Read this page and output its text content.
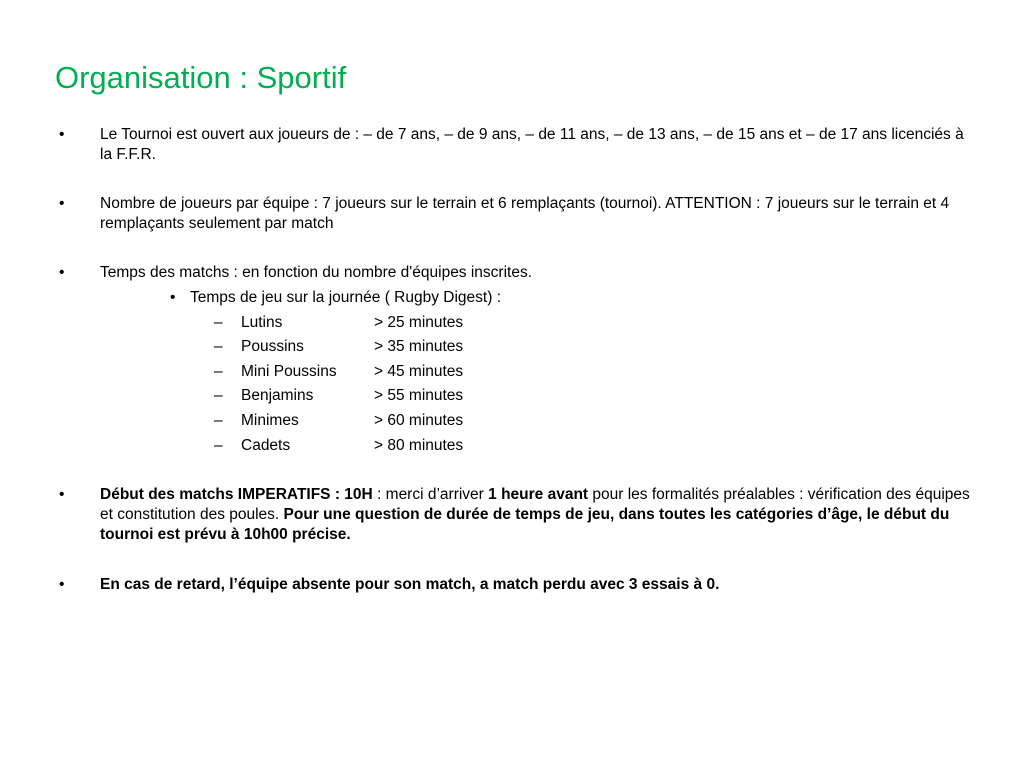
Organisation : Sportif
•	Le Tournoi est ouvert aux joueurs de : – de 7 ans, – de 9 ans, – de 11 ans, – de 13 ans, – de 15 ans et – de 17 ans licenciés à la F.F.R.
•	Nombre de joueurs par équipe : 7 joueurs sur le terrain et 6 remplaçants (tournoi). ATTENTION : 7 joueurs sur le terrain et 4 remplaçants seulement par match
•	Temps des matchs : en fonction du nombre d'équipes inscrites.
• Temps de jeu sur la journée ( Rugby Digest) :
– Lutins	> 25 minutes
– Poussins	> 35 minutes
– Mini Poussins > 45 minutes
– Benjamins	> 55 minutes
– Minimes	> 60 minutes
– Cadets	> 80 minutes
•	Début des matchs IMPERATIFS : 10H : merci d’arriver 1 heure avant pour les formalités préalables : vérification des équipes et constitution des poules. Pour une question de durée de temps de jeu, dans toutes les catégories d’âge, le début du tournoi est prévu à 10h00 précise.
•	En cas de retard, l’équipe absente pour son match, a match perdu avec 3 essais à 0.
